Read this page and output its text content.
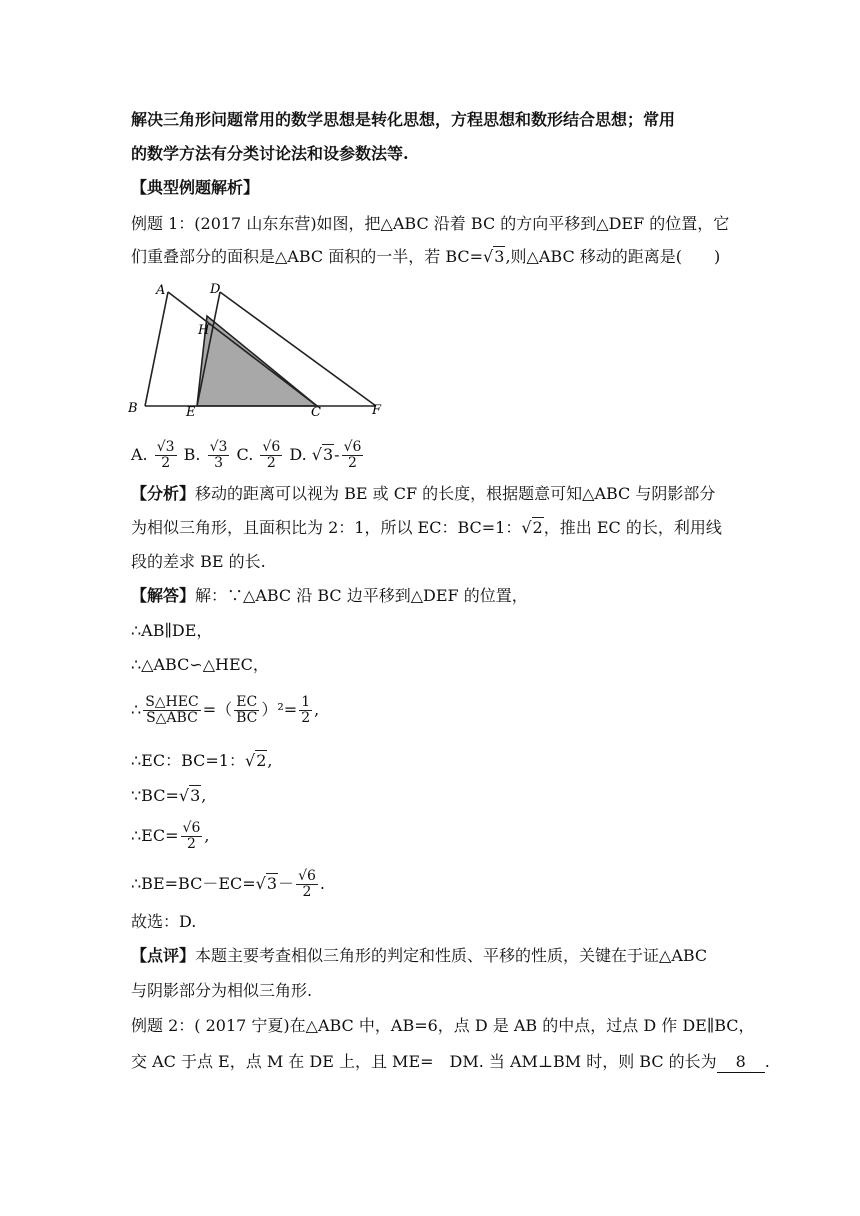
解决三角形问题常用的数学思想是转化思想，方程思想和数形结合思想；常用
的数学方法有分类讨论法和设参数法等.
【典型例题解析】
例题 1：(2017 山东东营)如图，把△ABC 沿着 BC 的方向平移到△DEF 的位置，它
们重叠部分的面积是△ABC 面积的一半，若 BC=√3,则△ABC 移动的距离是(　　)
A	D
H
B	E	C	F
A. $\frac{√3}{2} B$. $\frac{√3}{3} C$. $\frac{√6}{2} D$. $√3- \frac{√6}{2}$
【分析】移动的距离可以视为 BE 或 CF 的长度，根据题意可知△ABC 与阴影部分
为相似三角形，且面积比为 2：1，所以 EC：BC=1：√2，推出 EC 的长，利用线
段的差求 BE 的长.
【解答】解：∵△ABC 沿 BC 边平移到△DEF 的位置，
∴AB∥DE，
∴△ABC∽△HEC，
∴ $\frac{\text{S△HEC}}{\text{S△ABC}}$ =（ $\frac{EC}{BC} )^2= \frac{1}{2}$ ,
∴EC：BC=1：√2,
∵BC=√3,
∴EC= $\frac{√6}{2}$ ,
∴BE=BC－EC=√3－ $\frac{√6}{2}$ .
故选：D.
【点评】本题主要考查相似三角形的判定和性质、平移的性质，关键在于证△ABC
与阴影部分为相似三角形.
例题 2：( 2017 宁夏)在△ABC 中，AB=6，点 D 是 AB 的中点，过点 D 作 DE∥BC，
交 AC 于点 E，点 M 在 DE 上，且 ME=　DM. 当 AM⊥BM 时，则 BC 的长为 8 .
